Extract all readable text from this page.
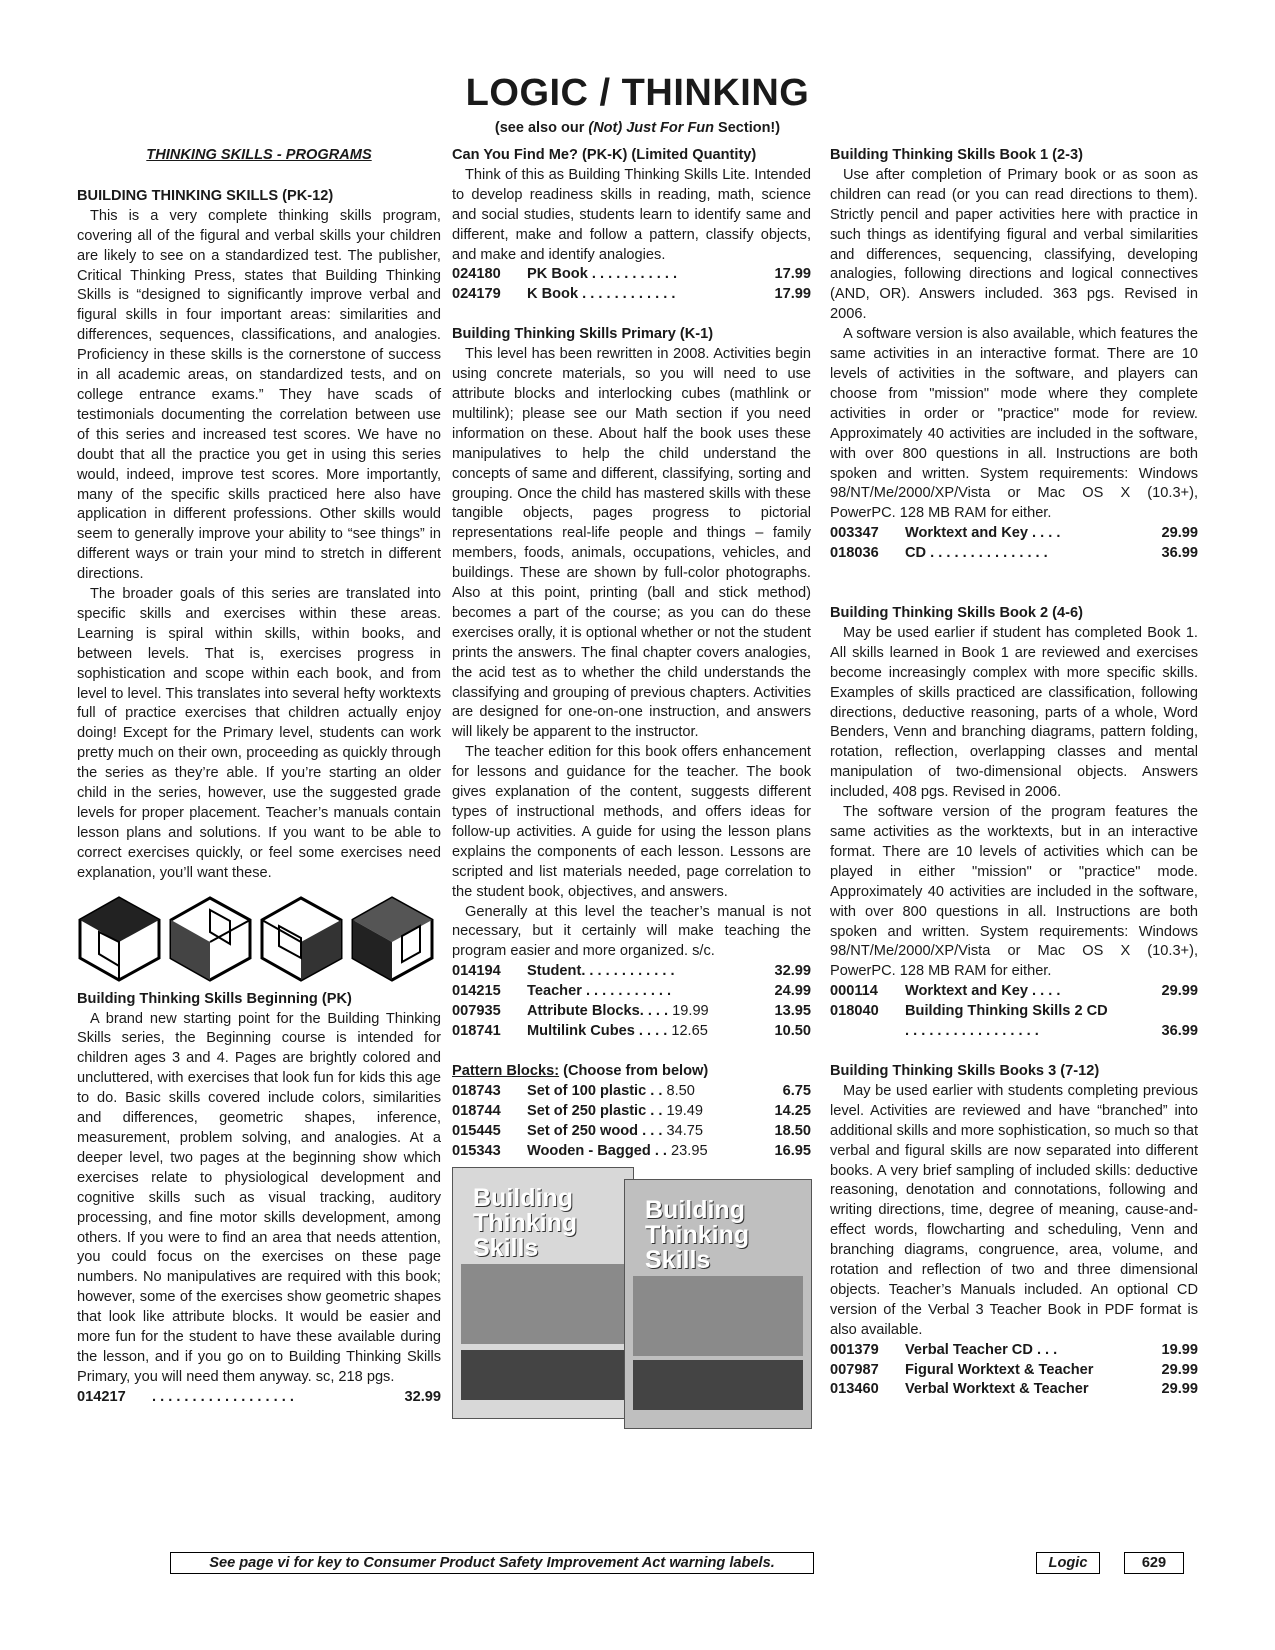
LOGIC / THINKING
(see also our (Not) Just For Fun Section!)
THINKING SKILLS - PROGRAMS
BUILDING THINKING SKILLS (PK-12)

This is a very complete thinking skills program, covering all of the figural and verbal skills your children are likely to see on a standardized test. The publisher, Critical Thinking Press, states that Building Thinking Skills is “designed to significantly improve verbal and figural skills in four important areas: similarities and differences, sequences, classifications, and analogies. Proficiency in these skills is the cornerstone of success in all academic areas, on standardized tests, and on college entrance exams.” They have scads of testimonials documenting the correlation between use of this series and increased test scores. We have no doubt that all the practice you get in using this series would, indeed, improve test scores. More importantly, many of the specific skills practiced here also have application in different professions. Other skills would seem to generally improve your ability to “see things” in different ways or train your mind to stretch in different directions.

The broader goals of this series are translated into specific skills and exercises within these areas. Learning is spiral within skills, within books, and between levels. That is, exercises progress in sophistication and scope within each book, and from level to level. This translates into several hefty worktexts full of practice exercises that children actually enjoy doing! Except for the Primary level, students can work pretty much on their own, proceeding as quickly through the series as they’re able. If you’re starting an older child in the series, however, use the suggested grade levels for proper placement. Teacher’s manuals contain lesson plans and solutions. If you want to be able to correct exercises quickly, or feel some exercises need explanation, you’ll want these.

Building Thinking Skills Beginning (PK)

A brand new starting point for the Building Thinking Skills series, the Beginning course is intended for children ages 3 and 4. Pages are brightly colored and uncluttered, with exercises that look fun for kids this age to do. Basic skills covered include colors, similarities and differences, geometric shapes, inference, measurement, problem solving, and analogies. At a deeper level, two pages at the beginning show which exercises relate to physiological development and cognitive skills such as visual tracking, auditory processing, and fine motor skills development, among others. If you were to find an area that needs attention, you could focus on the exercises on these page numbers. No manipulatives are required with this book; however, some of the exercises show geometric shapes that look like attribute blocks. It would be easier and more fun for the student to have these available during the lesson, and if you go on to Building Thinking Skills Primary, you will need them anyway. sc, 218 pgs.

014217	. . . . . . . . . . . . . . . . . .	32.99
Can You Find Me? (PK-K) (Limited Quantity)

Think of this as Building Thinking Skills Lite. Intended to develop readiness skills in reading, math, science and social studies, students learn to identify same and different, make and follow a pattern, classify objects, and make and identify analogies.

024180	PK Book . . . . . . . . . . .	17.99
024179	K Book . . . . . . . . . . . .	17.99
Building Thinking Skills Primary (K-1)

This level has been rewritten in 2008. Activities begin using concrete materials, so you will need to use attribute blocks and interlocking cubes (mathlink or multilink); please see our Math section if you need information on these. About half the book uses these manipulatives to help the child understand the concepts of same and different, classifying, sorting and grouping. Once the child has mastered skills with these tangible objects, pages progress to pictorial representations real-life people and things – family members, foods, animals, occupations, vehicles, and buildings. These are shown by full-color photographs. Also at this point, printing (ball and stick method) becomes a part of the course; as you can do these exercises orally, it is optional whether or not the student prints the answers. The final chapter covers analogies, the acid test as to whether the child understands the classifying and grouping of previous chapters. Activities are designed for one-on-one instruction, and answers will likely be apparent to the instructor.

The teacher edition for this book offers enhancement for lessons and guidance for the teacher. The book gives explanation of the content, suggests different types of instructional methods, and offers ideas for follow-up activities. A guide for using the lesson plans explains the components of each lesson. Lessons are scripted and list materials needed, page correlation to the student book, objectives, and answers.

Generally at this level the teacher’s manual is not necessary, but it certainly will make teaching the program easier and more organized. s/c.

014194	Student. . . . . . . . . . . .	32.99
014215	Teacher . . . . . . . . . . .	24.99
007935	Attribute Blocks. . . . 19.99	13.95
018741	Multilink Cubes . . . . 12.65	10.50
Pattern Blocks: (Choose from below)
018743	Set of 100 plastic . . 8.50	6.75
018744	Set of 250 plastic . . 19.49	14.25
015445	Set of 250 wood . . . 34.75	18.50
015343	Wooden - Bagged . . 23.95	16.95
Building Thinking Skills
Building Thinking Skills
Building Thinking Skills Book 1 (2-3)

Use after completion of Primary book or as soon as children can read (or you can read directions to them). Strictly pencil and paper activities here with practice in such things as identifying figural and verbal similarities and differences, sequencing, classifying, developing analogies, following directions and logical connectives (AND, OR). Answers included. 363 pgs. Revised in 2006.

A software version is also available, which features the same activities in an interactive format. There are 10 levels of activities in the software, and players can choose from "mission" mode where they complete activities in order or "practice" mode for review. Approximately 40 activities are included in the software, with over 800 questions in all. Instructions are both spoken and written. System requirements: Windows 98/NT/Me/2000/XP/Vista or Mac OS X (10.3+), PowerPC. 128 MB RAM for either.

003347	Worktext and Key . . . .	29.99
018036	CD . . . . . . . . . . . . . . .	36.99
Building Thinking Skills Book 2 (4-6)

May be used earlier if student has completed Book 1. All skills learned in Book 1 are reviewed and exercises become increasingly complex with more specific skills. Examples of skills practiced are classification, following directions, deductive reasoning, parts of a whole, Word Benders, Venn and branching diagrams, pattern folding, rotation, reflection, overlapping classes and mental manipulation of two-dimensional objects. Answers included, 408 pgs. Revised in 2006.

The software version of the program features the same activities as the worktexts, but in an interactive format. There are 10 levels of activities which can be played in either "mission" or "practice" mode. Approximately 40 activities are included in the software, with over 800 questions in all. Instructions are both spoken and written. System requirements: Windows 98/NT/Me/2000/XP/Vista or Mac OS X (10.3+), PowerPC. 128 MB RAM for either.

000114	Worktext and Key . . . .	29.99
018040	Building Thinking Skills 2 CD
. . . . . . . . . . . . . . . . .	36.99
Building Thinking Skills Books 3 (7-12)

May be used earlier with students completing previous level. Activities are reviewed and have “branched” into additional skills and more sophistication, so much so that verbal and figural skills are now separated into different books. A very brief sampling of included skills: deductive reasoning, denotation and connotations, following and writing directions, time, degree of meaning, cause-and-effect words, flowcharting and scheduling, Venn and branching diagrams, congruence, area, volume, and rotation and reflection of two and three dimensional objects. Teacher’s Manuals included. An optional CD version of the Verbal 3 Teacher Book in PDF format is also available.

001379	Verbal Teacher CD . . .	19.99
007987	Figural Worktext & Teacher	29.99
013460	Verbal Worktext & Teacher	29.99
See page vi for key to Consumer Product Safety Improvement Act warning labels.	Logic	629
